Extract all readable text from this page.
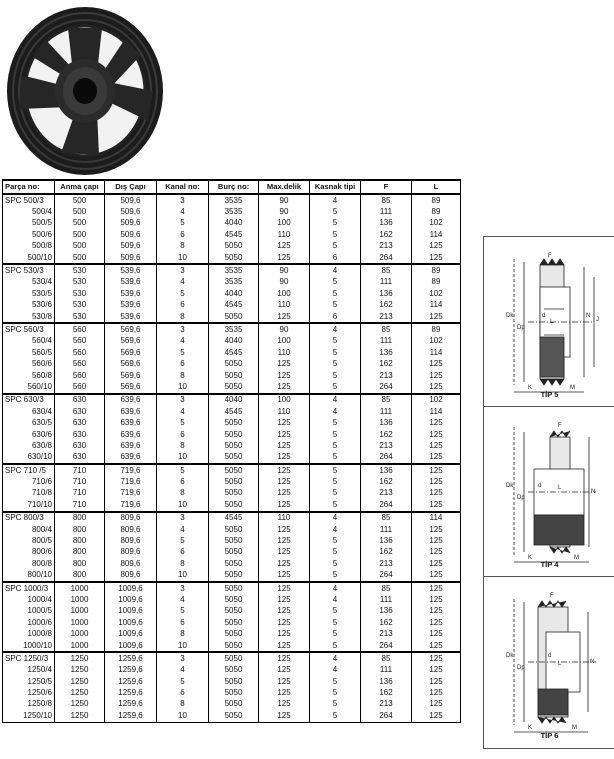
Parça no:	Anma çapı	Dış Çapı	Kanal no:	Burç no:	Max.delik	Kasnak tipi	F	L
SPC 500/3	500	509,6	3	3535	90	4	85	89
500/4	500	509,6	4	3535	90	5	111	89
500/5	500	509,6	5	4040	100	5	136	102
500/6	500	509,6	6	4545	110	5	162	114
500/8	500	509,6	8	5050	125	5	213	125
500/10	500	509,6	10	5050	125	6	264	125
SPC 530/3	530	539,6	3	3535	90	4	85	89
530/4	530	539,6	4	3535	90	5	111	89
530/5	530	539,6	5	4040	100	5	136	102
530/6	530	539,6	6	4545	110	5	162	114
530/8	530	539,6	8	5050	125	6	213	125
SPC 560/3	560	569,6	3	3535	90	4	85	89
560/4	560	569,6	4	4040	100	5	111	102
560/5	560	569,6	5	4545	110	5	136	114
560/6	560	569,6	6	5050	125	5	162	125
560/8	560	569,6	8	5050	125	5	213	125
560/10	560	569,6	10	5050	125	5	264	125
SPC 630/3	630	639,6	3	4040	100	4	85	102
630/4	630	639,6	4	4545	110	4	111	114
630/5	630	639,6	5	5050	125	5	136	125
630/6	630	639,6	6	5050	125	5	162	125
630/8	630	639,6	8	5050	125	5	213	125
630/10	630	639,6	10	5050	125	5	264	125
SPC 710 /5	710	719,6	5	5050	125	5	136	125
710/6	710	719,6	6	5050	125	5	162	125
710/8	710	719,6	8	5050	125	5	213	125
710/10	710	719,6	10	5050	125	5	264	125
SPC 800/3	800	809,6	3	4545	110	4	85	114
800/4	800	809,6	4	5050	125	4	111	125
800/5	800	809,6	5	5050	125	5	136	125
800/6	800	809,6	6	5050	125	5	162	125
800/8	800	809,6	8	5050	125	5	213	125
800/10	800	809,6	10	5050	125	5	264	125
SPC 1000/3	1000	1009,6	3	5050	125	4	85	125
1000/4	1000	1009,6	4	5050	125	4	111	125
1000/5	1000	1009,6	5	5050	125	5	136	125
1000/6	1000	1009,6	6	5050	125	5	162	125
1000/8	1000	1009,6	8	5050	125	5	213	125
1000/10	1000	1009,6	10	5050	125	5	264	125
SPC 1250/3	1250	1259,6	3	5050	125	4	85	125
1250/4	1250	1259,6	4	5050	125	4	111	125
1250/5	1250	1259,6	5	5050	125	5	136	125
1250/6	1250	1259,6	6	5050	125	5	162	125
1250/8	1250	1259,6	8	5050	125	5	213	125
1250/10	1250	1259,6	10	5050	125	5	264	125
Dk
Dp
d
L
N
J
F
K	M
TİP 5
Dk
Dp
d	L
N
F
K	M
TİP 4
Dk
Dp
d
L	N
F
K	M
TİP 6
